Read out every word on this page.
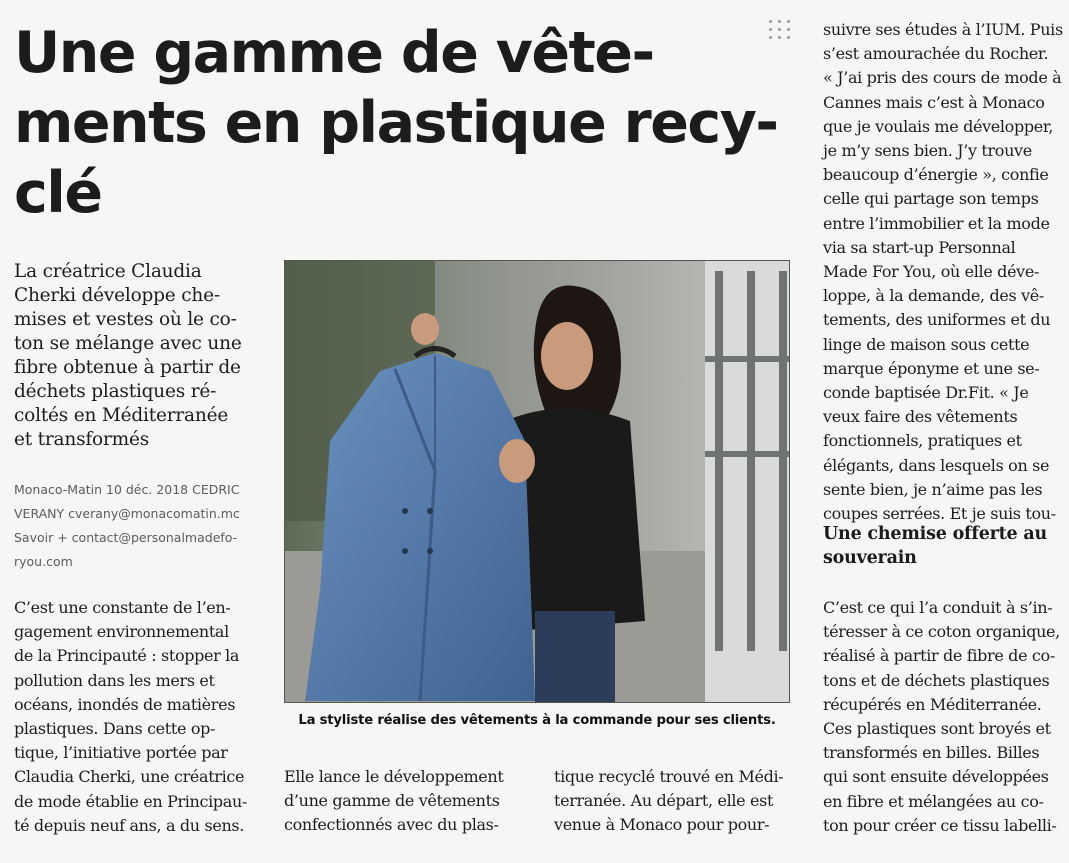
Une gamme de vête-
ments en plastique recy-
clé
La créatrice Claudia
Cherki développe che-
mises et vestes où le co-
ton se mélange avec une
fibre obtenue à partir de
déchets plastiques ré-
coltés en Méditerranée
et transformés
Monaco-Matin 10 déc. 2018 CEDRIC
VERANY cverany@monacomatin.mc
Savoir + contact@personalmadefo-
ryou.com
C’est une constante de l’en-
gagement environnemental
de la Principauté : stopper la
pollution dans les mers et
océans, inondés de matières
plastiques. Dans cette op-
tique, l’initiative portée par
Claudia Cherki, une créatrice
de mode établie en Principau-
té depuis neuf ans, a du sens.
La styliste réalise des vêtements à la commande pour ses clients.
Elle lance le développement
d’une gamme de vêtements
confectionnés avec du plas-
tique recyclé trouvé en Médi-
terranée. Au départ, elle est
venue à Monaco pour pour-
suivre ses études à l’IUM. Puis
s’est amourachée du Rocher.
« J’ai pris des cours de mode à
Cannes mais c’est à Monaco
que je voulais me développer,
je m’y sens bien. J’y trouve
beaucoup d’énergie », confie
celle qui partage son temps
entre l’immobilier et la mode
via sa start-up Personnal
Made For You, où elle déve-
loppe, à la demande, des vê-
tements, des uniformes et du
linge de maison sous cette
marque éponyme et une se-
conde baptisée Dr.Fit. « Je
veux faire des vêtements
fonctionnels, pratiques et
élégants, dans lesquels on se
sente bien, je n’aime pas les
coupes serrées. Et je suis tou-
Une chemise offerte au
souverain
C’est ce qui l’a conduit à s’in-
téresser à ce coton organique,
réalisé à partir de fibre de co-
tons et de déchets plastiques
récupérés en Méditerranée.
Ces plastiques sont broyés et
transformés en billes. Billes
qui sont ensuite développées
en fibre et mélangées au co-
ton pour créer ce tissu labelli-
